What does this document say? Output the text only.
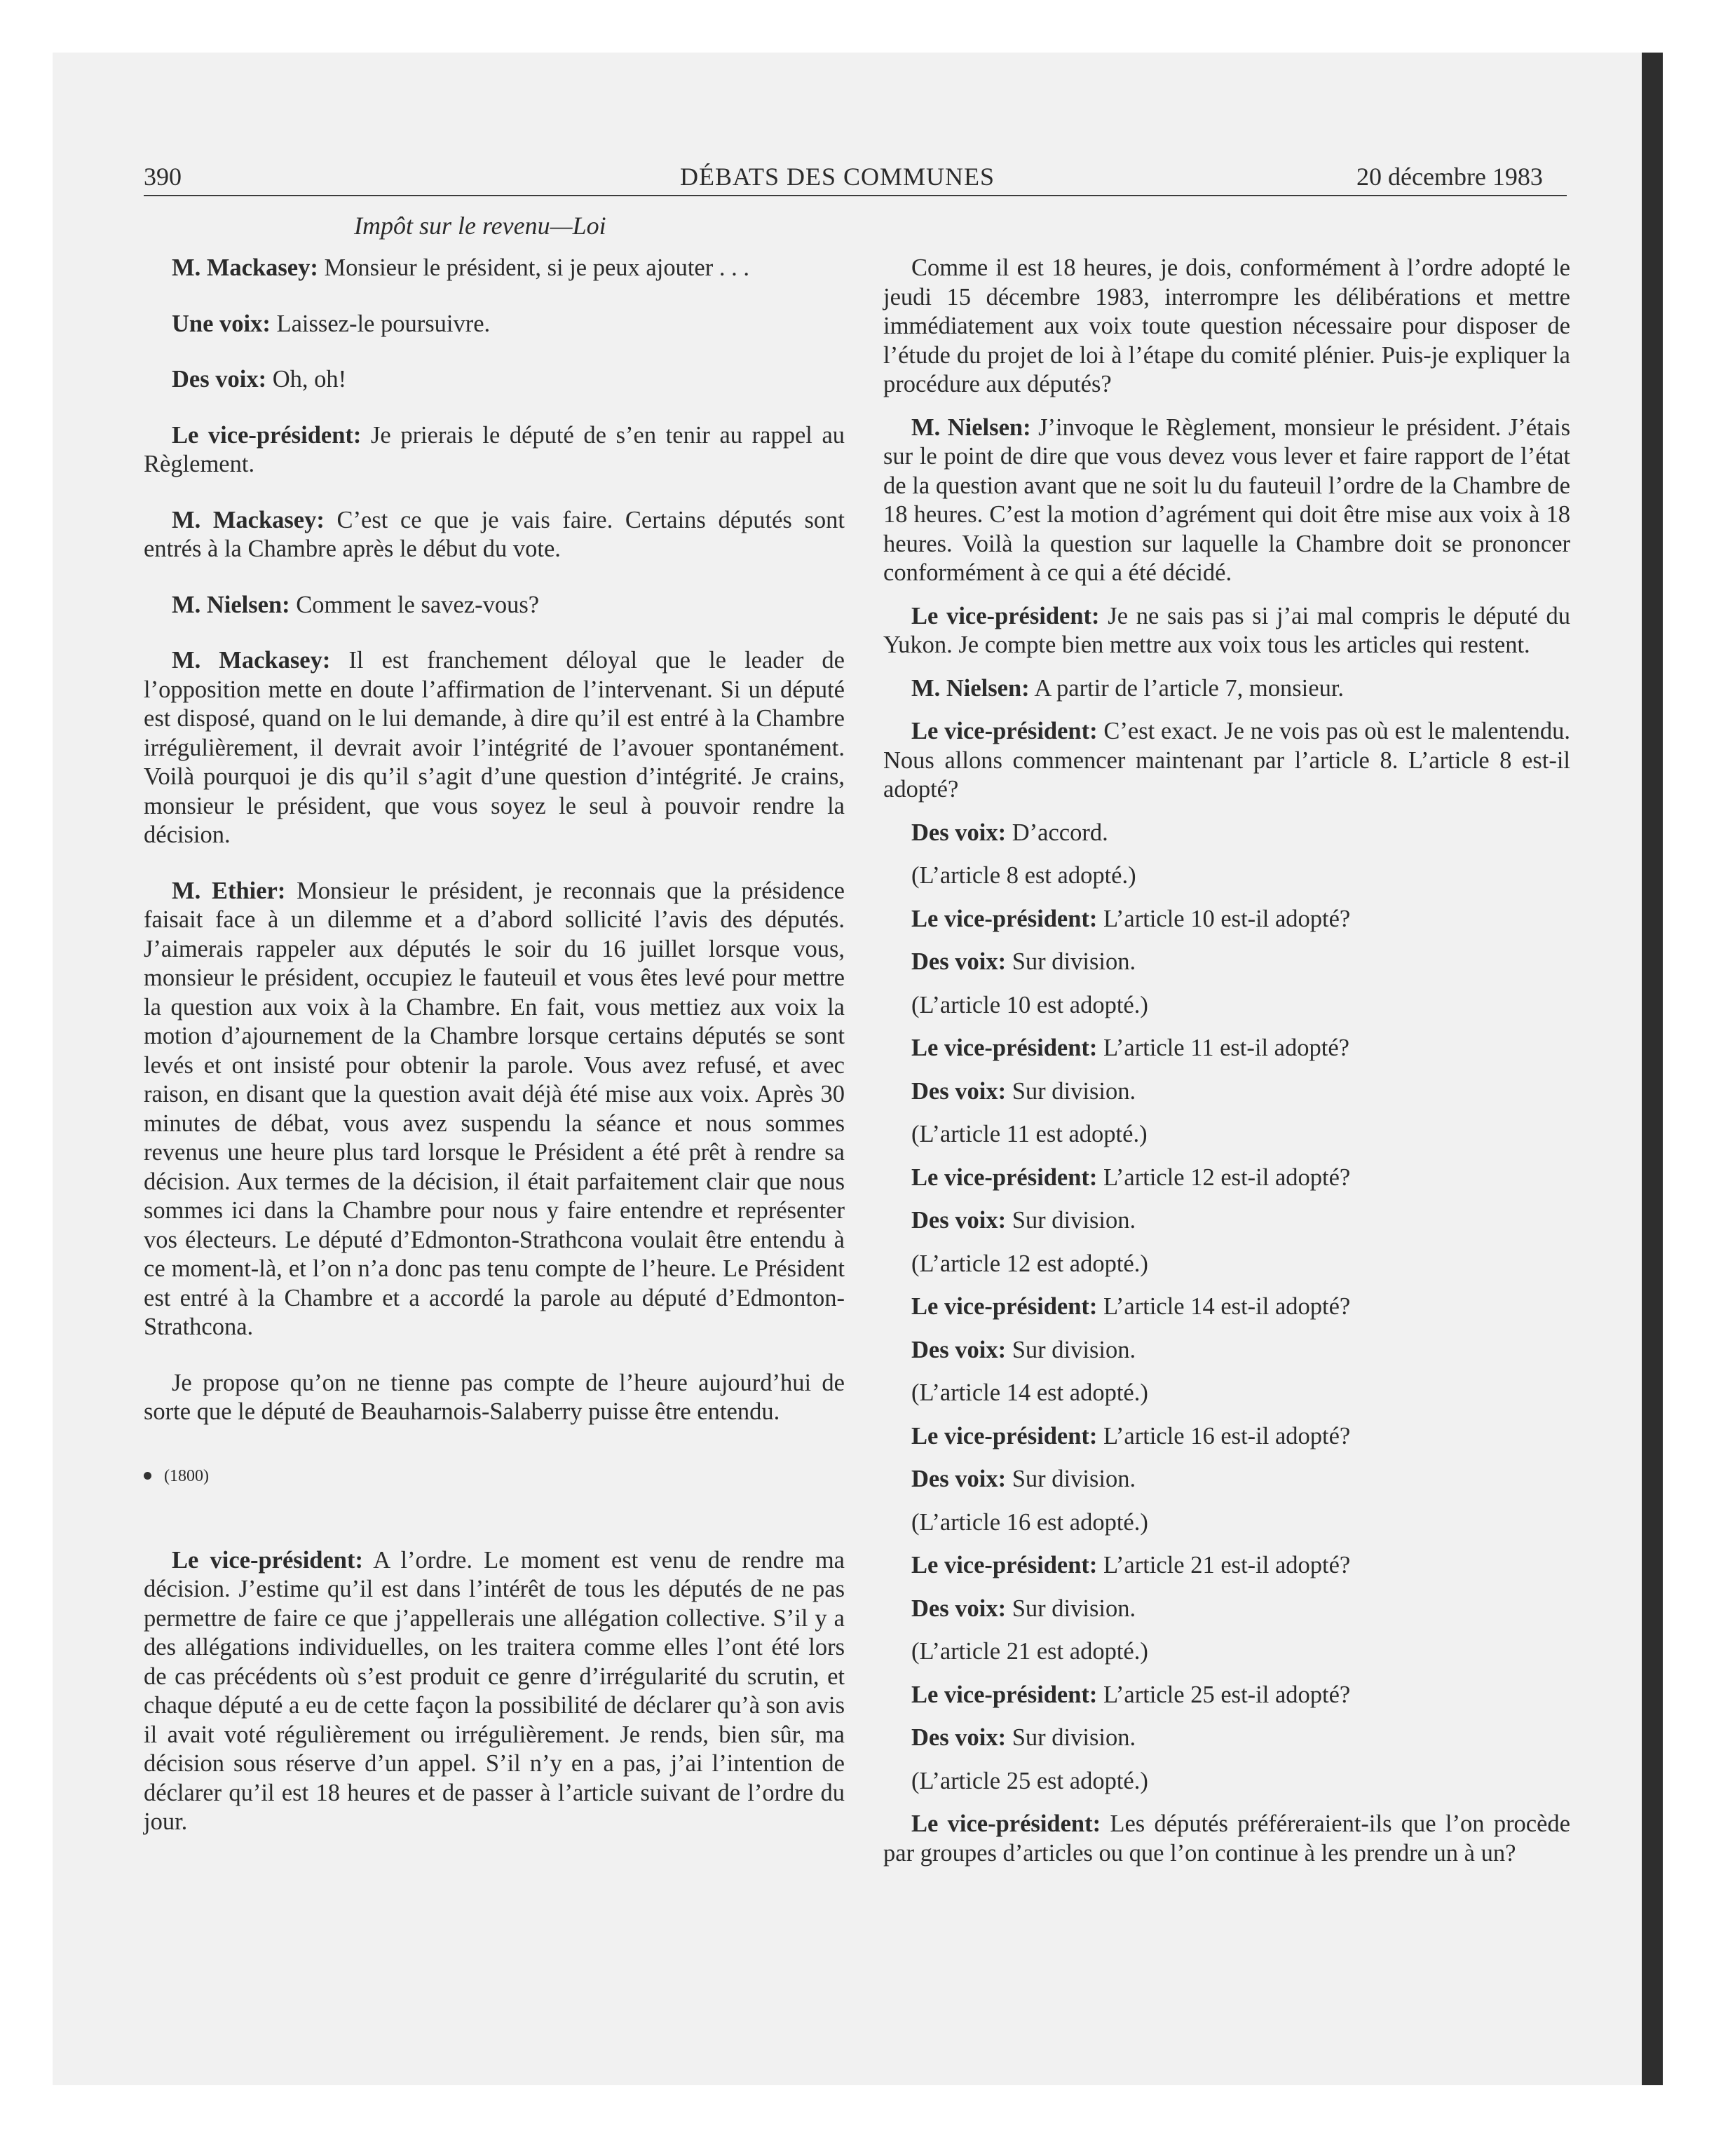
390	DÉBATS DES COMMUNES	20 décembre 1983
Impôt sur le revenu—Loi

M. Mackasey: Monsieur le président, si je peux ajouter . . .

Une voix: Laissez-le poursuivre.

Des voix: Oh, oh!

Le vice-président: Je prierais le député de s’en tenir au rappel au Règlement.

M. Mackasey: C’est ce que je vais faire. Certains députés sont entrés à la Chambre après le début du vote.

M. Nielsen: Comment le savez-vous?

M. Mackasey: Il est franchement déloyal que le leader de l’opposition mette en doute l’affirmation de l’intervenant. Si un député est disposé, quand on le lui demande, à dire qu’il est entré à la Chambre irrégulièrement, il devrait avoir l’intégrité de l’avouer spontanément. Voilà pourquoi je dis qu’il s’agit d’une question d’intégrité. Je crains, monsieur le président, que vous soyez le seul à pouvoir rendre la décision.

M. Ethier: Monsieur le président, je reconnais que la présidence faisait face à un dilemme et a d’abord sollicité l’avis des députés. J’aimerais rappeler aux députés le soir du 16 juillet lorsque vous, monsieur le président, occupiez le fauteuil et vous êtes levé pour mettre la question aux voix à la Chambre. En fait, vous mettiez aux voix la motion d’ajournement de la Chambre lorsque certains députés se sont levés et ont insisté pour obtenir la parole. Vous avez refusé, et avec raison, en disant que la question avait déjà été mise aux voix. Après 30 minutes de débat, vous avez suspendu la séance et nous sommes revenus une heure plus tard lorsque le Président a été prêt à rendre sa décision. Aux termes de la décision, il était parfaitement clair que nous sommes ici dans la Chambre pour nous y faire entendre et représenter vos électeurs. Le député d’Edmonton-Strathcona voulait être entendu à ce moment-là, et l’on n’a donc pas tenu compte de l’heure. Le Président est entré à la Chambre et a accordé la parole au député d’Edmonton-Strathcona.

Je propose qu’on ne tienne pas compte de l’heure aujourd’hui de sorte que le député de Beauharnois-Salaberry puisse être entendu.

(1800)

Le vice-président: A l’ordre. Le moment est venu de rendre ma décision. J’estime qu’il est dans l’intérêt de tous les députés de ne pas permettre de faire ce que j’appellerais une allégation collective. S’il y a des allégations individuelles, on les traitera comme elles l’ont été lors de cas précédents où s’est produit ce genre d’irrégularité du scrutin, et chaque député a eu de cette façon la possibilité de déclarer qu’à son avis il avait voté régulièrement ou irrégulièrement. Je rends, bien sûr, ma décision sous réserve d’un appel. S’il n’y en a pas, j’ai l’intention de déclarer qu’il est 18 heures et de passer à l’article suivant de l’ordre du jour.

Comme il est 18 heures, je dois, conformément à l’ordre adopté le jeudi 15 décembre 1983, interrompre les délibérations et mettre immédiatement aux voix toute question nécessaire pour disposer de l’étude du projet de loi à l’étape du comité plénier. Puis-je expliquer la procédure aux députés?

M. Nielsen: J’invoque le Règlement, monsieur le président. J’étais sur le point de dire que vous devez vous lever et faire rapport de l’état de la question avant que ne soit lu du fauteuil l’ordre de la Chambre de 18 heures. C’est la motion d’agrément qui doit être mise aux voix à 18 heures. Voilà la question sur laquelle la Chambre doit se prononcer conformément à ce qui a été décidé.

Le vice-président: Je ne sais pas si j’ai mal compris le député du Yukon. Je compte bien mettre aux voix tous les articles qui restent.

M. Nielsen: A partir de l’article 7, monsieur.

Le vice-président: C’est exact. Je ne vois pas où est le malentendu. Nous allons commencer maintenant par l’article 8. L’article 8 est-il adopté?

Des voix: D’accord.

(L’article 8 est adopté.)

Le vice-président: L’article 10 est-il adopté?

Des voix: Sur division.

(L’article 10 est adopté.)

Le vice-président: L’article 11 est-il adopté?

Des voix: Sur division.

(L’article 11 est adopté.)

Le vice-président: L’article 12 est-il adopté?

Des voix: Sur division.

(L’article 12 est adopté.)

Le vice-président: L’article 14 est-il adopté?

Des voix: Sur division.

(L’article 14 est adopté.)

Le vice-président: L’article 16 est-il adopté?

Des voix: Sur division.

(L’article 16 est adopté.)

Le vice-président: L’article 21 est-il adopté?

Des voix: Sur division.

(L’article 21 est adopté.)

Le vice-président: L’article 25 est-il adopté?

Des voix: Sur division.

(L’article 25 est adopté.)

Le vice-président: Les députés préféreraient-ils que l’on procède par groupes d’articles ou que l’on continue à les prendre un à un?
